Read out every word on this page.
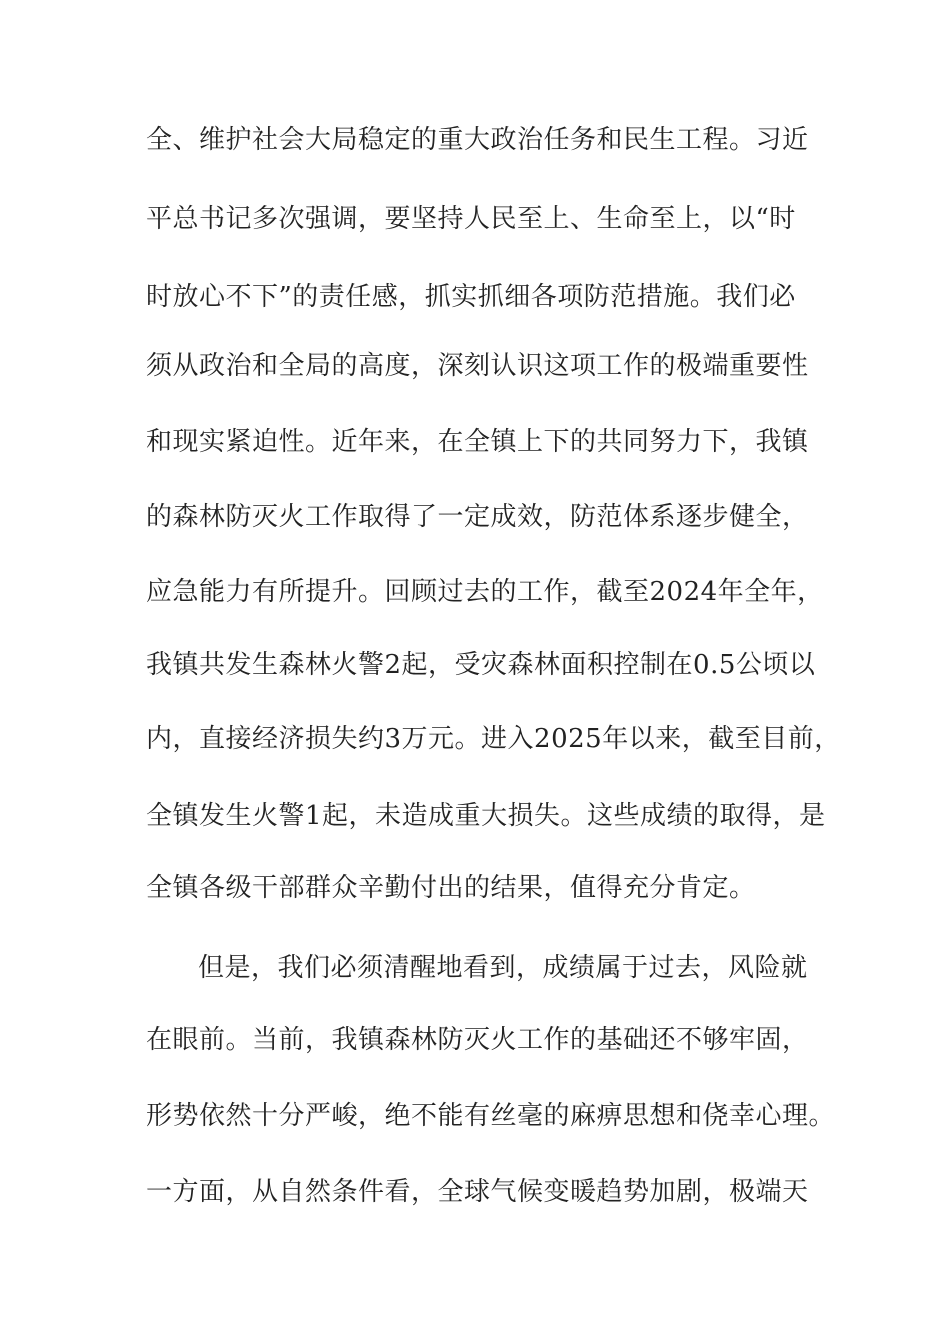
全、维护社会大局稳定的重大政治任务和民生工程。习近
平总书记多次强调，要坚持人民至上、生命至上，以“时
时放心不下”的责任感，抓实抓细各项防范措施。我们必
须从政治和全局的高度，深刻认识这项工作的极端重要性
和现实紧迫性。近年来，在全镇上下的共同努力下，我镇
的森林防灭火工作取得了一定成效，防范体系逐步健全，
应急能力有所提升。回顾过去的工作，截至2024年全年，
我镇共发生森林火警2起，受灾森林面积控制在0.5公顷以
内，直接经济损失约3万元。进入2025年以来，截至目前，
全镇发生火警1起，未造成重大损失。这些成绩的取得，是
全镇各级干部群众辛勤付出的结果，值得充分肯定。
但是，我们必须清醒地看到，成绩属于过去，风险就
在眼前。当前，我镇森林防灭火工作的基础还不够牢固，
形势依然十分严峻，绝不能有丝毫的麻痹思想和侥幸心理。
一方面，从自然条件看，全球气候变暖趋势加剧，极端天
